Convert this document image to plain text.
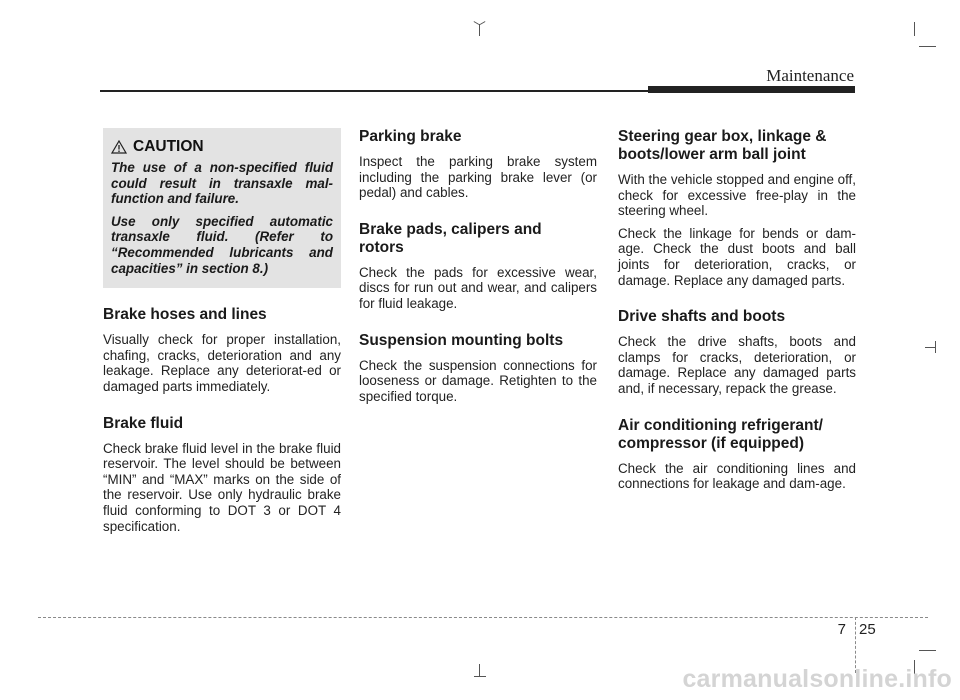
Maintenance
CAUTION

The use of a non-specified fluid could result in transaxle mal-function and failure.

Use only specified automatic transaxle fluid. (Refer to “Recommended lubricants and capacities” in section 8.)

Brake hoses and lines

Visually check for proper installation, chafing, cracks, deterioration and any leakage. Replace any deteriorat-ed or damaged parts immediately.

Brake fluid

Check brake fluid level in the brake fluid reservoir. The level should be between “MIN” and “MAX” marks on the side of the reservoir. Use only hydraulic brake fluid conforming to DOT 3 or DOT 4 specification.

Parking brake

Inspect the parking brake system including the parking brake lever (or pedal) and cables.

Brake pads, calipers and rotors

Check the pads for excessive wear, discs for run out and wear, and calipers for fluid leakage.

Suspension mounting bolts

Check the suspension connections for looseness or damage. Retighten to the specified torque.

Steering gear box, linkage & boots/lower arm ball joint

With the vehicle stopped and engine off, check for excessive free-play in the steering wheel.

Check the linkage for bends or dam-age. Check the dust boots and ball joints for deterioration, cracks, or damage. Replace any damaged parts.

Drive shafts and boots

Check the drive shafts, boots and clamps for cracks, deterioration, or damage. Replace any damaged parts and, if necessary, repack the grease.

Air conditioning refrigerant/ compressor (if equipped)

Check the air conditioning lines and connections for leakage and dam-age.

7 25
carmanualsonline.info
